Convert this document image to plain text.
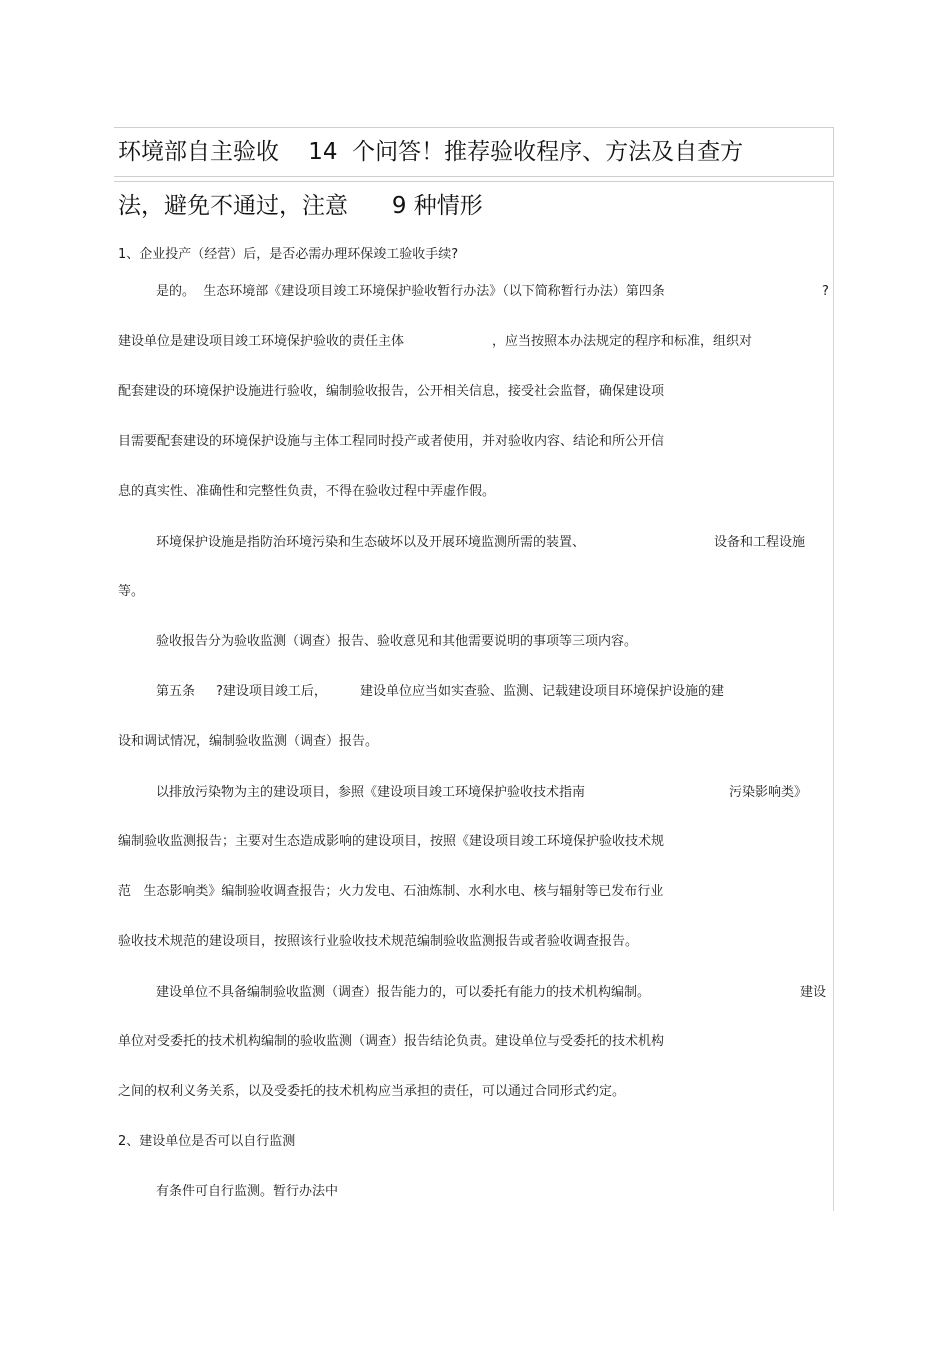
环境部自主验收    14  个问答！推荐验收程序、方法及自查方
法，避免不通过，注意      9 种情形
1、企业投产（经营）后，是否必需办理环保竣工验收手续?
是的。  生态环境部《建设项目竣工环境保护验收暂行办法》（以下简称暂行办法）第四条	?
建设单位是建设项目竣工环境保护验收的责任主体	，应当按照本办法规定的程序和标准，组织对
配套建设的环境保护设施进行验收，编制验收报告，公开相关信息，接受社会监督，确保建设项
目需要配套建设的环境保护设施与主体工程同时投产或者使用，并对验收内容、结论和所公开信
息的真实性、准确性和完整性负责，不得在验收过程中弄虚作假。
环境保护设施是指防治环境污染和生态破坏以及开展环境监测所需的装置、	设备和工程设施
等。
验收报告分为验收监测（调查）报告、验收意见和其他需要说明的事项等三项内容。
第五条 ?建设项目竣工后，	建设单位应当如实查验、监测、记载建设项目环境保护设施的建
设和调试情况，编制验收监测（调查）报告。
以排放污染物为主的建设项目，参照《建设项目竣工环境保护验收技术指南	污染影响类》
编制验收监测报告；主要对生态造成影响的建设项目，按照《建设项目竣工环境保护验收技术规
范   生态影响类》编制验收调查报告；火力发电、石油炼制、水利水电、核与辐射等已发布行业
验收技术规范的建设项目，按照该行业验收技术规范编制验收监测报告或者验收调查报告。
建设单位不具备编制验收监测（调查）报告能力的，可以委托有能力的技术机构编制。	建设
单位对受委托的技术机构编制的验收监测（调查）报告结论负责。建设单位与受委托的技术机构
之间的权利义务关系，以及受委托的技术机构应当承担的责任，可以通过合同形式约定。
2、建设单位是否可以自行监测
有条件可自行监测。暂行办法中
